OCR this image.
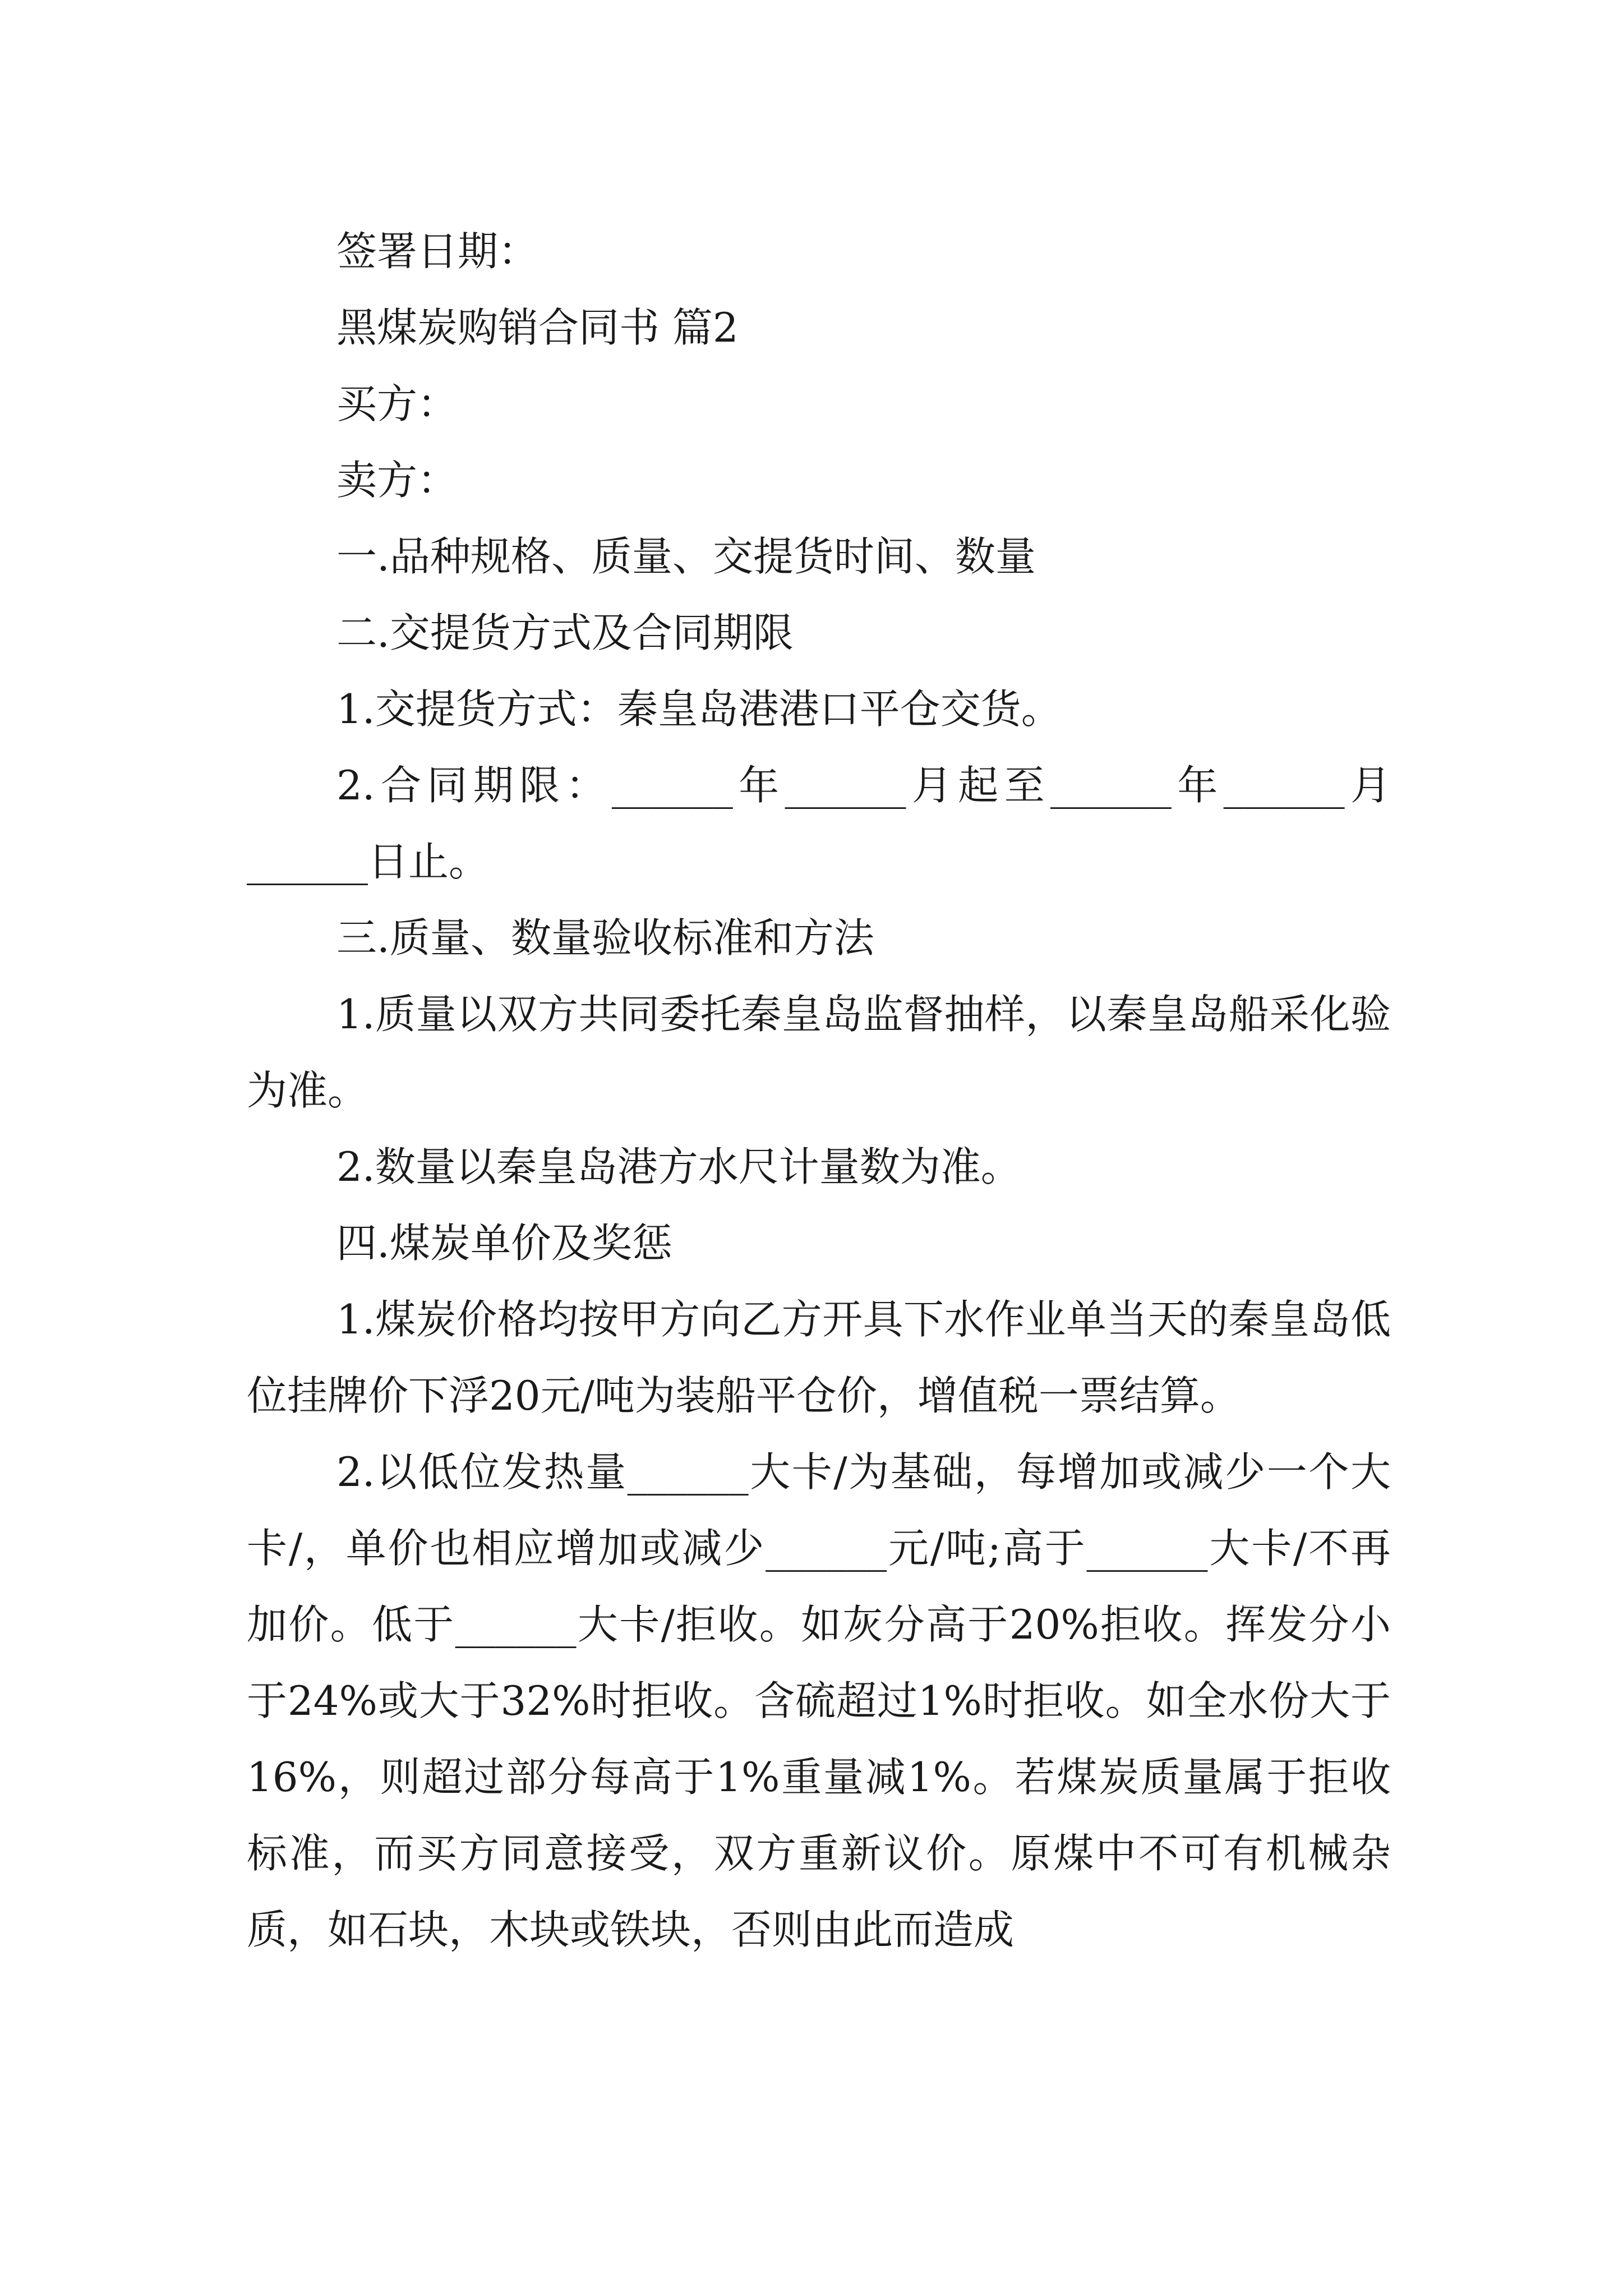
签署日期：

黑煤炭购销合同书 篇2

买方：

卖方：

一.品种规格、质量、交提货时间、数量

二.交提货方式及合同期限

1.交提货方式：秦皇岛港港口平仓交货。

2.合同期限：______年______月起至______年______月______日止。

三.质量、数量验收标准和方法

1.质量以双方共同委托秦皇岛监督抽样，以秦皇岛船采化验为准。

2.数量以秦皇岛港方水尺计量数为准。

四.煤炭单价及奖惩

1.煤炭价格均按甲方向乙方开具下水作业单当天的秦皇岛低位挂牌价下浮20元/吨为装船平仓价，增值税一票结算。

2.以低位发热量______大卡/为基础，每增加或减少一个大卡/，单价也相应增加或减少______元/吨;高于______大卡/不再加价。低于______大卡/拒收。如灰分高于20%拒收。挥发分小于24%或大于32%时拒收。含硫超过1%时拒收。如全水份大于16%，则超过部分每高于1%重量减1%。若煤炭质量属于拒收标准，而买方同意接受，双方重新议价。原煤中不可有机械杂质，如石块，木块或铁块，否则由此而造成
